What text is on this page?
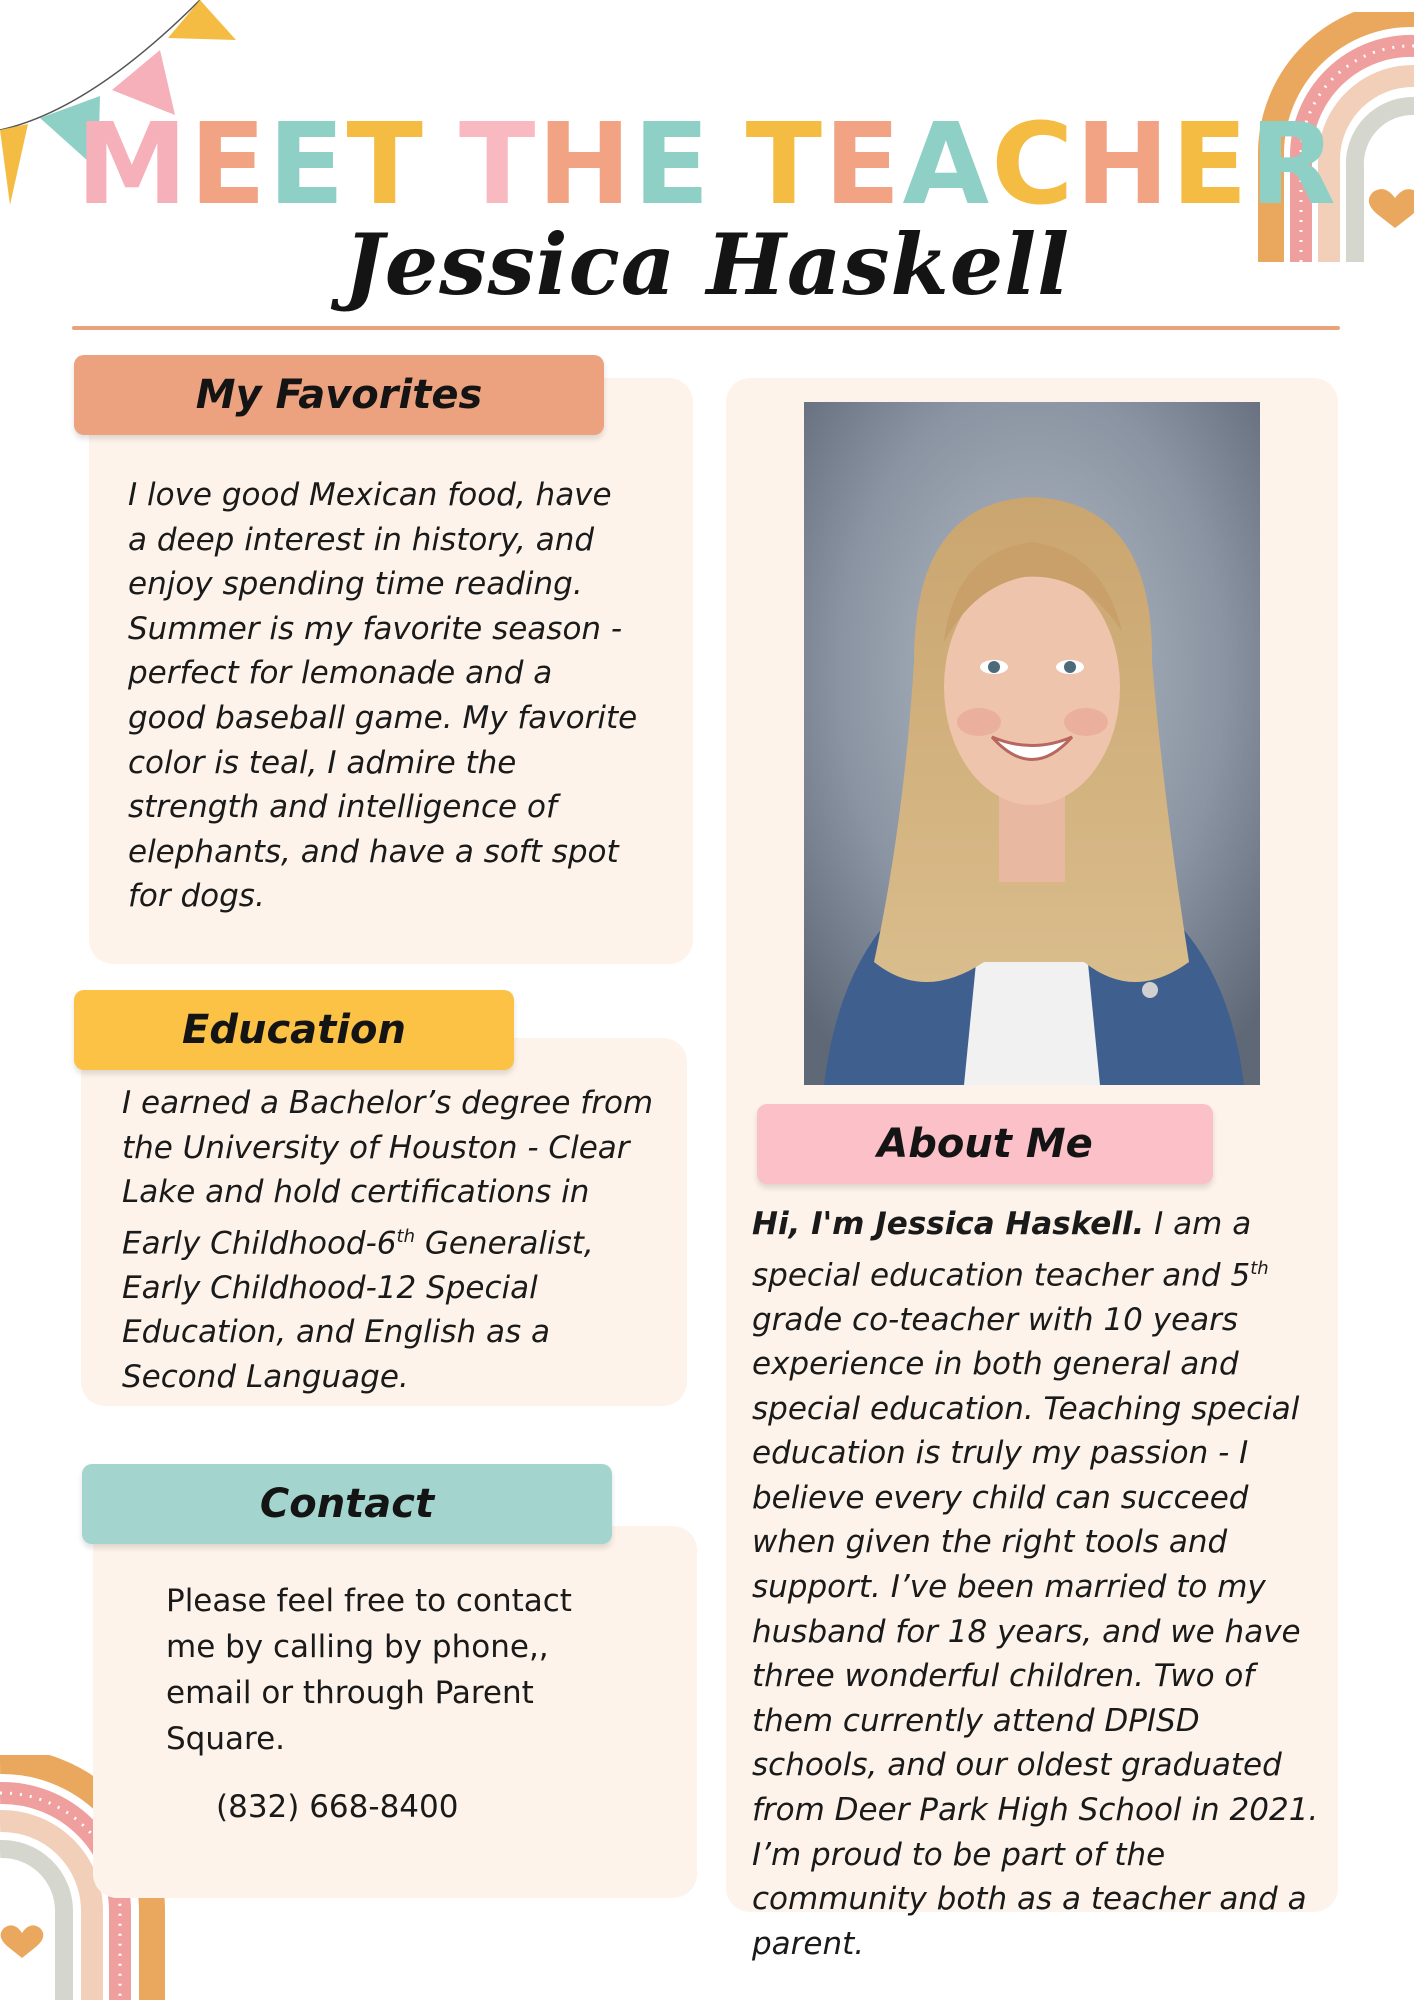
MEET THE TEACHER
Jessica Haskell
My Favorites
I love good Mexican food, have a deep interest in history, and enjoy spending time reading. Summer is my favorite season - perfect for lemonade and a good baseball game. My favorite color is teal, I admire the strength and intelligence of elephants, and have a soft spot for dogs.
Education
I earned a Bachelor’s degree from the University of Houston - Clear Lake and hold certifications in Early Childhood-6th Generalist, Early Childhood-12 Special Education, and English as a Second Language.
Contact
Please feel free to contact me by calling by phone,, email or through Parent Square.
(832) 668-8400
About Me
Hi, I'm Jessica Haskell. I am a special education teacher and 5th grade co-teacher with 10 years experience in both general and special education. Teaching special education is truly my passion - I believe every child can succeed when given the right tools and support. I’ve been married to my husband for 18 years, and we have three wonderful children. Two of them currently attend DPISD schools, and our oldest graduated from Deer Park High School in 2021. I’m proud to be part of the community both as a teacher and a parent.
